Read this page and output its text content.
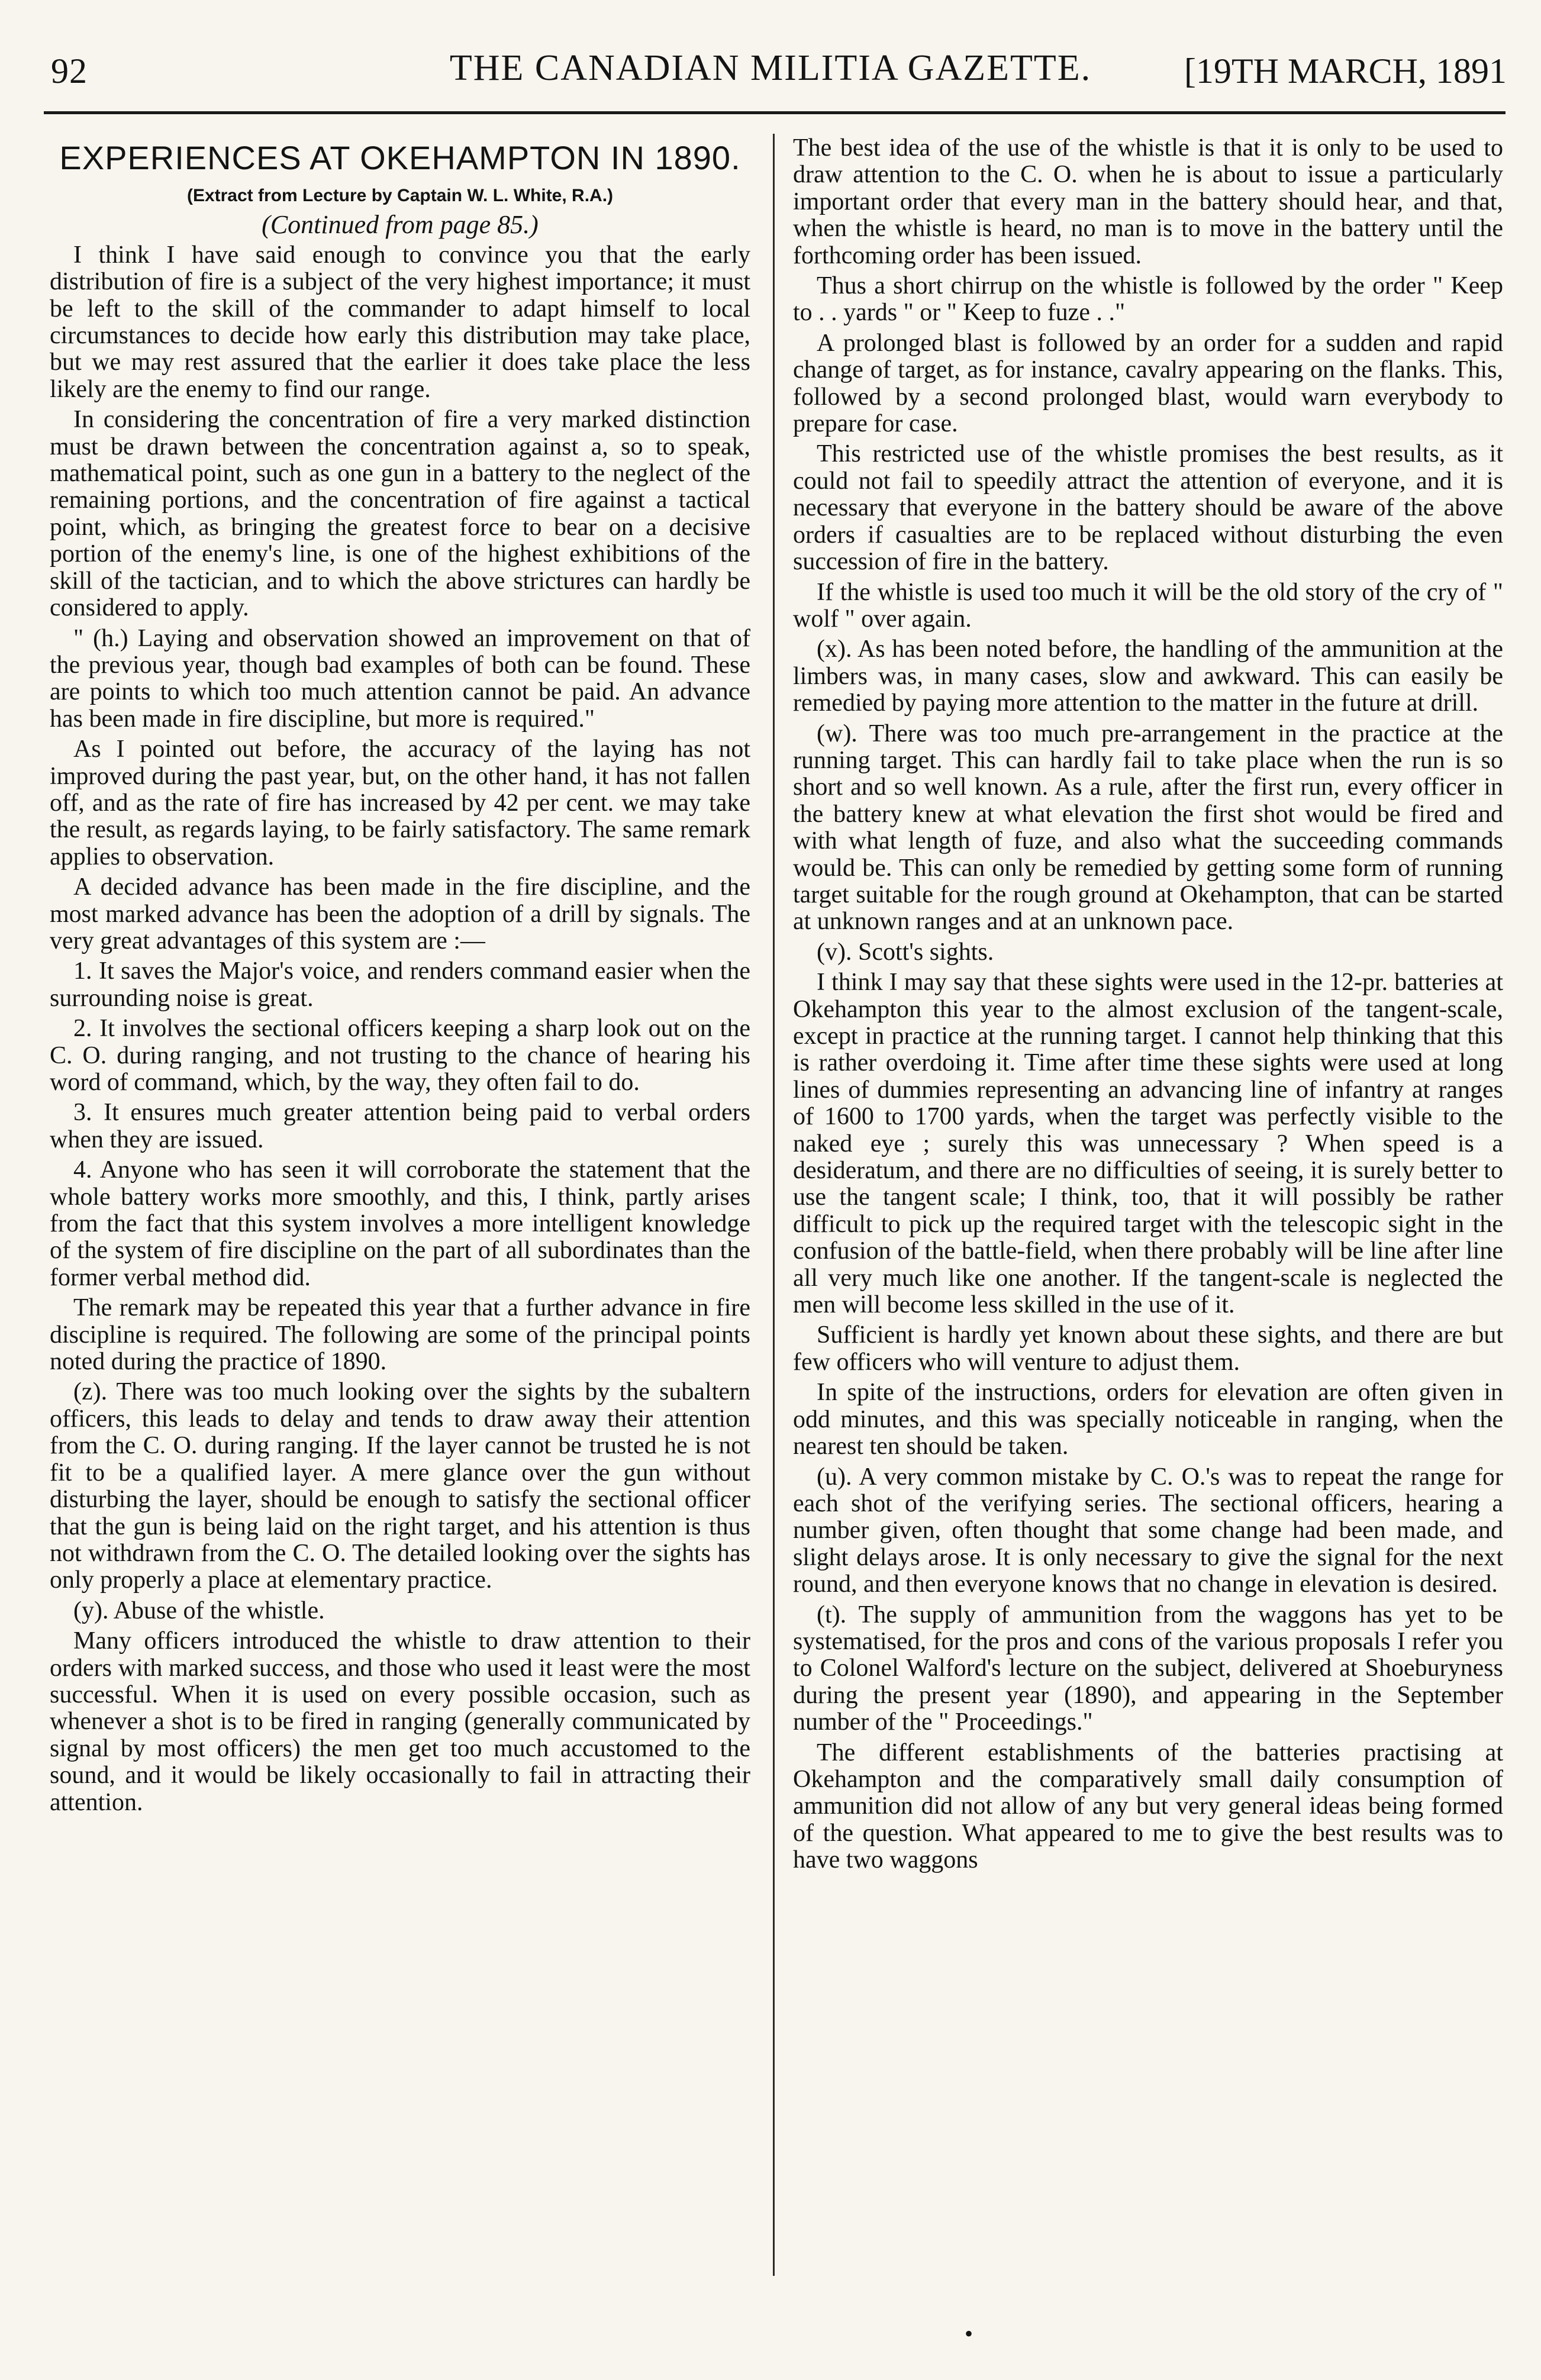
92	THE CANADIAN MILITIA GAZETTE.	[19TH MARCH, 1891
EXPERIENCES AT OKEHAMPTON IN 1890.
(Extract from Lecture by Captain W. L. White, R.A.)
(Continued from page 85.)

I think I have said enough to convince you that the early distribution of fire is a subject of the very highest importance; it must be left to the skill of the commander to adapt himself to local circumstances to decide how early this distribution may take place, but we may rest assured that the earlier it does take place the less likely are the enemy to find our range.

In considering the concentration of fire a very marked distinction must be drawn between the concentration against a, so to speak, mathematical point, such as one gun in a battery to the neglect of the remaining portions, and the concentration of fire against a tactical point, which, as bringing the greatest force to bear on a decisive portion of the enemy's line, is one of the highest exhibitions of the skill of the tactician, and to which the above strictures can hardly be considered to apply.

" (h.) Laying and observation showed an improvement on that of the previous year, though bad examples of both can be found. These are points to which too much attention cannot be paid. An advance has been made in fire discipline, but more is required."

As I pointed out before, the accuracy of the laying has not improved during the past year, but, on the other hand, it has not fallen off, and as the rate of fire has increased by 42 per cent. we may take the result, as regards laying, to be fairly satisfactory. The same remark applies to observation.

A decided advance has been made in the fire discipline, and the most marked advance has been the adoption of a drill by signals. The very great advantages of this system are :—

1. It saves the Major's voice, and renders command easier when the surrounding noise is great.

2. It involves the sectional officers keeping a sharp look out on the C. O. during ranging, and not trusting to the chance of hearing his word of command, which, by the way, they often fail to do.

3. It ensures much greater attention being paid to verbal orders when they are issued.

4. Anyone who has seen it will corroborate the statement that the whole battery works more smoothly, and this, I think, partly arises from the fact that this system involves a more intelligent knowledge of the system of fire discipline on the part of all subordinates than the former verbal method did.

The remark may be repeated this year that a further advance in fire discipline is required. The following are some of the principal points noted during the practice of 1890.

(z). There was too much looking over the sights by the subaltern officers, this leads to delay and tends to draw away their attention from the C. O. during ranging. If the layer cannot be trusted he is not fit to be a qualified layer. A mere glance over the gun without disturbing the layer, should be enough to satisfy the sectional officer that the gun is being laid on the right target, and his attention is thus not withdrawn from the C. O. The detailed looking over the sights has only properly a place at elementary practice.

(y). Abuse of the whistle.

Many officers introduced the whistle to draw attention to their orders with marked success, and those who used it least were the most successful. When it is used on every possible occasion, such as whenever a shot is to be fired in ranging (generally communicated by signal by most officers) the men get too much accustomed to the sound, and it would be likely occasionally to fail in attracting their attention.

The best idea of the use of the whistle is that it is only to be used to draw attention to the C. O. when he is about to issue a particularly important order that every man in the battery should hear, and that, when the whistle is heard, no man is to move in the battery until the forthcoming order has been issued.

Thus a short chirrup on the whistle is followed by the order " Keep to . . yards " or " Keep to fuze . ."

A prolonged blast is followed by an order for a sudden and rapid change of target, as for instance, cavalry appearing on the flanks. This, followed by a second prolonged blast, would warn everybody to prepare for case.

This restricted use of the whistle promises the best results, as it could not fail to speedily attract the attention of everyone, and it is necessary that everyone in the battery should be aware of the above orders if casualties are to be replaced without disturbing the even succession of fire in the battery.

If the whistle is used too much it will be the old story of the cry of " wolf " over again.

(x). As has been noted before, the handling of the ammunition at the limbers was, in many cases, slow and awkward. This can easily be remedied by paying more attention to the matter in the future at drill.

(w). There was too much pre-arrangement in the practice at the running target. This can hardly fail to take place when the run is so short and so well known. As a rule, after the first run, every officer in the battery knew at what elevation the first shot would be fired and with what length of fuze, and also what the succeeding commands would be. This can only be remedied by getting some form of running target suitable for the rough ground at Okehampton, that can be started at unknown ranges and at an unknown pace.

(v). Scott's sights.

I think I may say that these sights were used in the 12-pr. batteries at Okehampton this year to the almost exclusion of the tangent-scale, except in practice at the running target. I cannot help thinking that this is rather overdoing it. Time after time these sights were used at long lines of dummies representing an advancing line of infantry at ranges of 1600 to 1700 yards, when the target was perfectly visible to the naked eye ; surely this was unnecessary ? When speed is a desideratum, and there are no difficulties of seeing, it is surely better to use the tangent scale; I think, too, that it will possibly be rather difficult to pick up the required target with the telescopic sight in the confusion of the battle-field, when there probably will be line after line all very much like one another. If the tangent-scale is neglected the men will become less skilled in the use of it.

Sufficient is hardly yet known about these sights, and there are but few officers who will venture to adjust them.

In spite of the instructions, orders for elevation are often given in odd minutes, and this was specially noticeable in ranging, when the nearest ten should be taken.

(u). A very common mistake by C. O.'s was to repeat the range for each shot of the verifying series. The sectional officers, hearing a number given, often thought that some change had been made, and slight delays arose. It is only necessary to give the signal for the next round, and then everyone knows that no change in elevation is desired.

(t). The supply of ammunition from the waggons has yet to be systematised, for the pros and cons of the various proposals I refer you to Colonel Walford's lecture on the subject, delivered at Shoeburyness during the present year (1890), and appearing in the September number of the " Proceedings."

The different establishments of the batteries practising at Okehampton and the comparatively small daily consumption of ammunition did not allow of any but very general ideas being formed of the question. What appeared to me to give the best results was to have two waggons

•
